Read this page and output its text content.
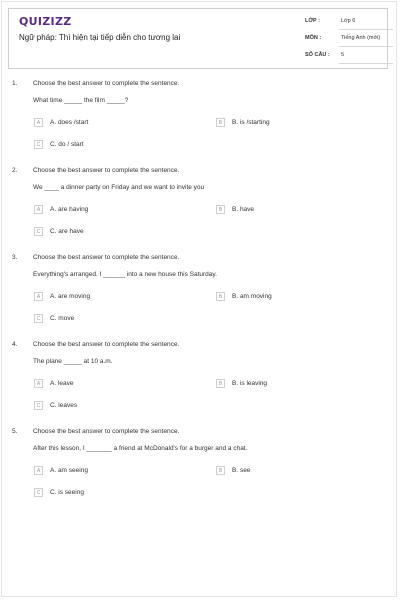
QUIZIZZ
Ngữ pháp: Thì hiện tại tiếp diễn cho tương lai
LỚP :	Lớp 6
MÔN :	Tiếng Anh (mới)
SỐ CÂU : 5
1. Choose the best answer to complete the sentence.
What time _____ the film _____?
A	A. does /start	B	B. is /starting
C	C. do / start
2. Choose the best answer to complete the sentence.
We ____ a dinner party on Friday and we want to invite you
A	A. are having	B	B. have
C	C. are have
3. Choose the best answer to complete the sentence.
Everything's arranged. I ______ into a new house this Saturday.
A	A. are moving	B	B. am moving
C	C. move
4. Choose the best answer to complete the sentence.
The plane _____ at 10 a.m.
A	A. leave	B	B. is leaving
C	C. leaves
5. Choose the best answer to complete the sentence.
After this lesson, I _______ a friend at McDonald's for a burger and a chat.
A	A. am seeing	B	B. see
C	C. is seeing
